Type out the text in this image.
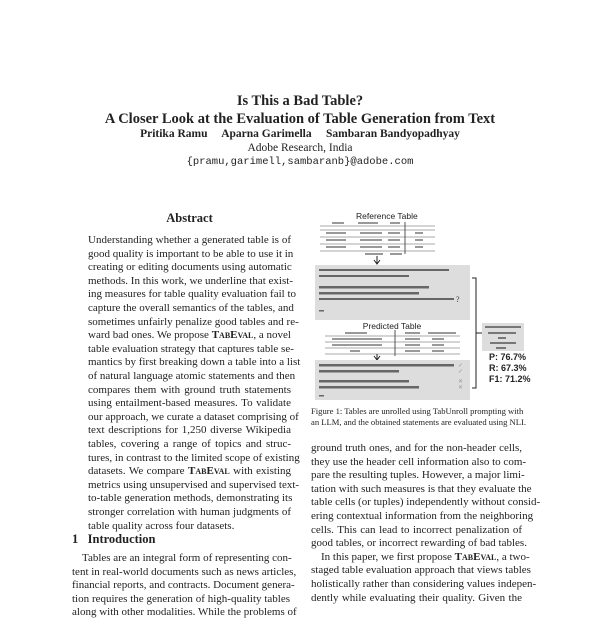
Is This a Bad Table?
A Closer Look at the Evaluation of Table Generation from Text
Pritika Ramu Aparna Garimella Sambaran Bandyopadhyay
Adobe Research, India
{pramu,garimell,sambaranb}@adobe.com
Abstract
Understanding whether a generated table is of
good quality is important to be able to use it in
creating or editing documents using automatic
methods. In this work, we underline that exist-
ing measures for table quality evaluation fail to
capture the overall semantics of the tables, and
sometimes unfairly penalize good tables and re-
ward bad ones. We propose TabEval, a novel
table evaluation strategy that captures table se-
mantics by first breaking down a table into a list
of natural language atomic statements and then
compares them with ground truth statements
using entailment-based measures. To validate
our approach, we curate a dataset comprising of
text descriptions for 1,250 diverse Wikipedia
tables, covering a range of topics and struc-
tures, in contrast to the limited scope of existing
datasets. We compare TabEval with existing
metrics using unsupervised and supervised text-
to-table generation methods, demonstrating its
stronger correlation with human judgments of
table quality across four datasets.
1 Introduction
Tables are an integral form of representing con-
tent in real-world documents such as news articles,
financial reports, and contracts. Document genera-
tion requires the generation of high-quality tables
along with other modalities. While the problems of
?
Predicted Table
✓
✓
✕
✕
Reference Table
P: 76.7%
R: 67.3%
F1: 71.2%
Figure 1: Tables are unrolled using TabUnroll prompting with
an LLM, and the obtained statements are evaluated using NLI.
ground truth ones, and for the non-header cells,
they use the header cell information also to com-
pare the resulting tuples. However, a major limi-
tation with such measures is that they evaluate the
table cells (or tuples) independently without consid-
ering contextual information from the neighboring
cells. This can lead to incorrect penalization of
good tables, or incorrect rewarding of bad tables.
In this paper, we first propose TabEval, a two-
staged table evaluation approach that views tables
holistically rather than considering values indepen-
dently while evaluating their quality. Given the
